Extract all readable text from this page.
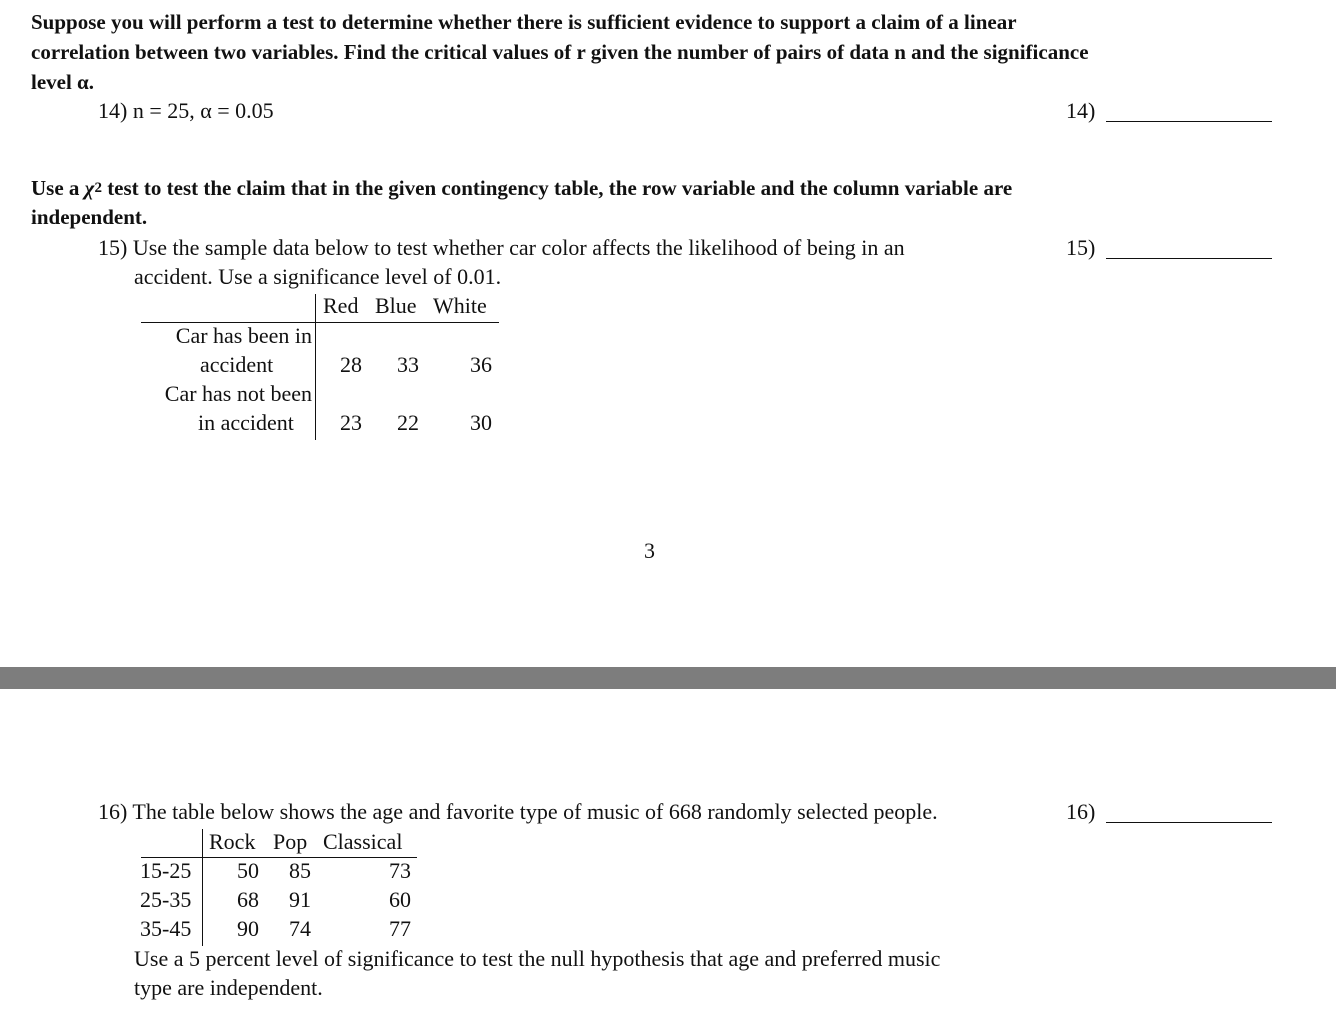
Suppose you will perform a test to determine whether there is sufficient evidence to support a claim of a linear
correlation between two variables. Find the critical values of r given the number of pairs of data n and the significance
level α.
14) n = 25, α = 0.05	14)
Use a $\chi^2$ test to test the claim that in the given contingency table, the row variable and the column variable are
independent.
15) Use the sample data below to test whether car color affects the likelihood of being in an
accident. Use a significance level of 0.01.
15)
Red Blue White
Car has been in
accident	28 33 36
Car has not been
in accident 23 22 30
3
16) The table below shows the age and favorite type of music of 668 randomly selected people.	16)
Rock Pop Classical
15-25 50 85	73
25-35 68 91	60
35-45 90 74	77
Use a 5 percent level of significance to test the null hypothesis that age and preferred music
type are independent.
